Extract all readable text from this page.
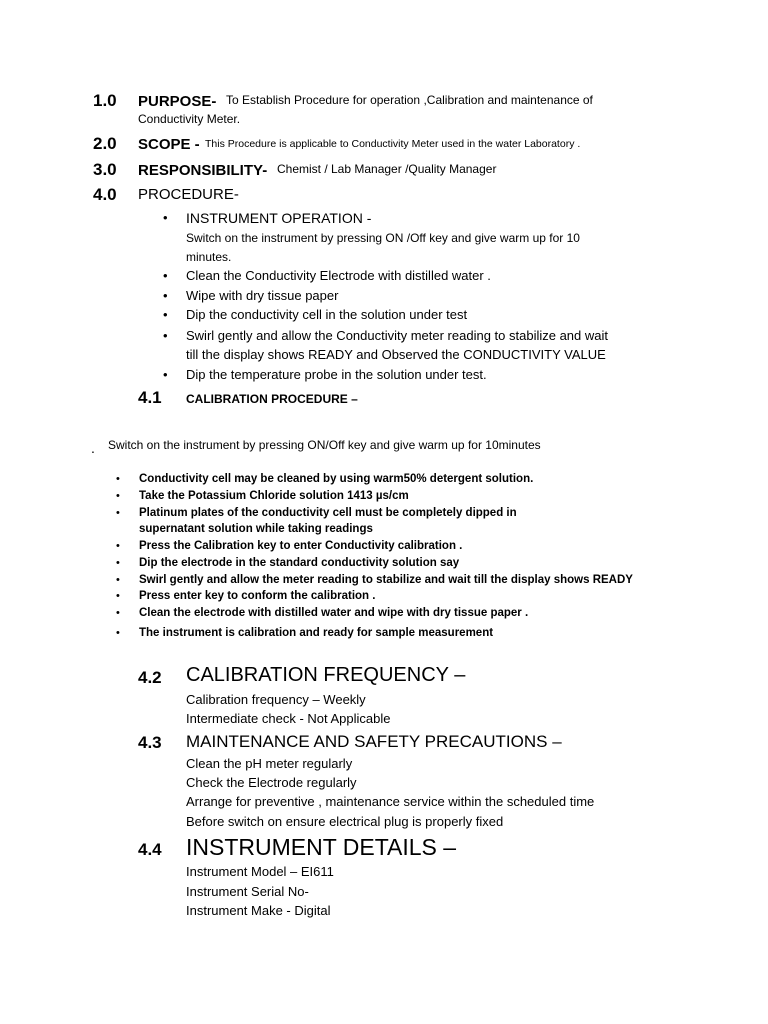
1.0 PURPOSE- To Establish Procedure for operation ,Calibration and maintenance of
Conductivity Meter.
2.0 SCOPE - This Procedure is applicable to Conductivity Meter used in the water Laboratory .
3.0 RESPONSIBILITY- Chemist / Lab Manager /Quality Manager
4.0 PROCEDURE-
• INSTRUMENT OPERATION -
Switch on the instrument by pressing ON /Off key and give warm up for 10
minutes.
• Clean the Conductivity Electrode with distilled water .
• Wipe with dry tissue paper
• Dip the conductivity cell in the solution under test
• Swirl gently and allow the Conductivity meter reading to stabilize and wait
till the display shows READY and Observed the CONDUCTIVITY VALUE
• Dip the temperature probe in the solution under test.
4.1 CALIBRATION PROCEDURE –
. Switch on the instrument by pressing ON/Off key and give warm up for 10minutes
• Conductivity cell may be cleaned by using warm50% detergent solution.
• Take the Potassium Chloride solution 1413 µs/cm
• Platinum plates of the conductivity cell must be completely dipped in
supernatant solution while taking readings
• Press the Calibration key to enter Conductivity calibration .
• Dip the electrode in the standard conductivity solution say
• Swirl gently and allow the meter reading to stabilize and wait till the display shows READY
• Press enter key to conform the calibration .
• Clean the electrode with distilled water and wipe with dry tissue paper .
• The instrument is calibration and ready for sample measurement
4.2 CALIBRATION FREQUENCY –
Calibration frequency – Weekly
Intermediate check - Not Applicable
4.3 MAINTENANCE AND SAFETY PRECAUTIONS –
Clean the pH meter regularly
Check the Electrode regularly
Arrange for preventive , maintenance service within the scheduled time
Before switch on ensure electrical plug is properly fixed
4.4 INSTRUMENT DETAILS –
Instrument Model – EI611
Instrument Serial No-
Instrument Make - Digital
